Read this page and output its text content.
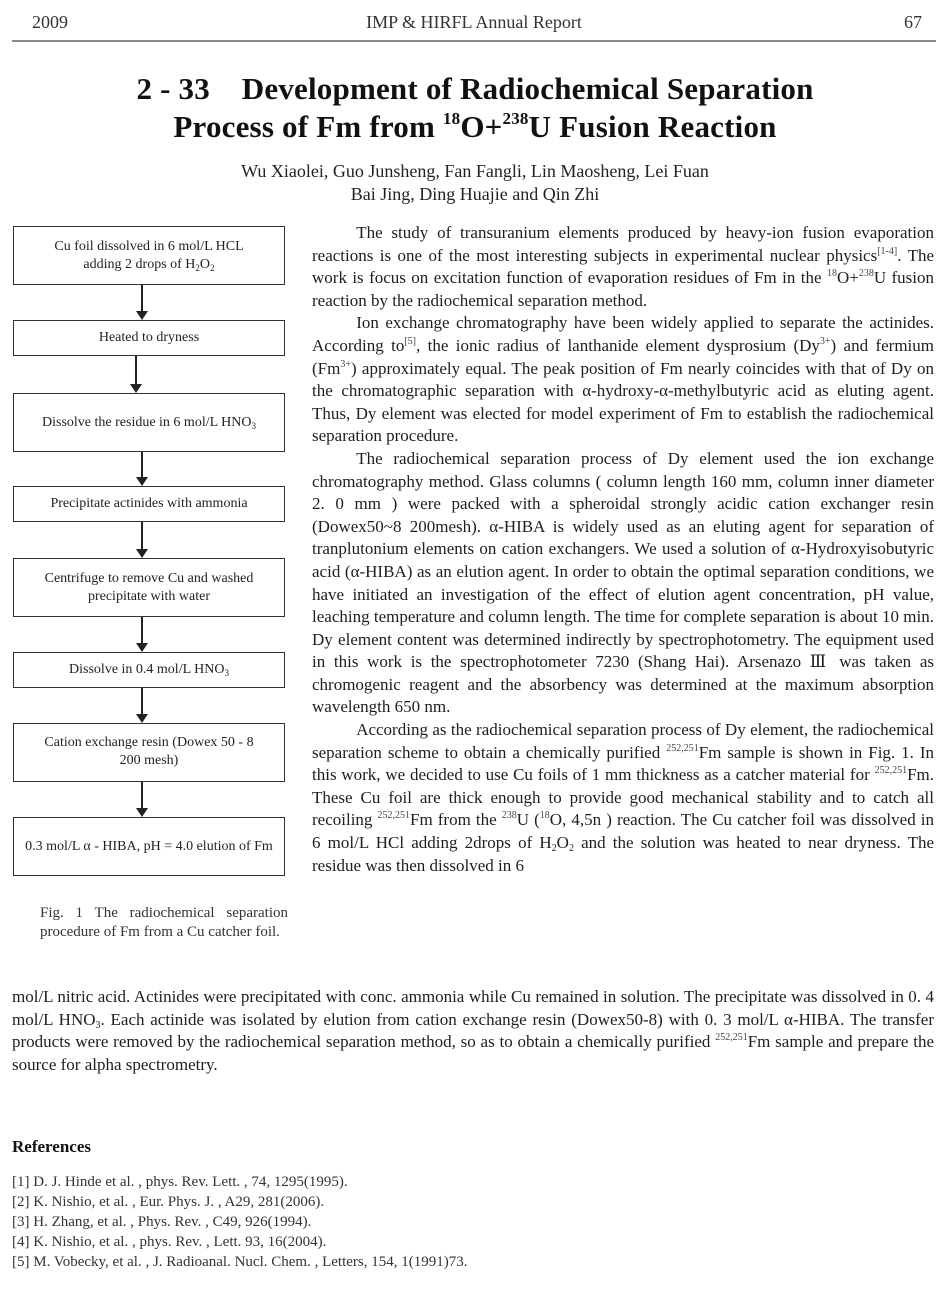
2009	IMP & HIRFL Annual Report	67
2 - 33 Development of Radiochemical Separation
Process of Fm from $^{18}$O+$^{238}$U Fusion Reaction
Wu Xiaolei, Guo Junsheng, Fan Fangli, Lin Maosheng, Lei Fuan
Bai Jing, Ding Huajie and Qin Zhi
Cu foil dissolved in 6 mol/L HCL
adding 2 drops of $H_2O_2$
Heated to dryness
Dissolve the residue in 6 mol/L $HNO_3$
Precipitate actinides with ammonia
Centrifuge to remove Cu and washed
precipitate with water
Dissolve in 0.4 mol/L $HNO_3$
Cation exchange resin (Dowex 50 - 8
200 mesh)
0.3 mol/L α - HIBA, pH = 4.0 elution of Fm
Fig. 1 The radiochemical separation procedure of Fm from a Cu catcher foil.

The study of transuranium elements produced by heavy-ion fusion evaporation reactions is one of the most interesting subjects in experimental nuclear physics[1-4]. The work is focus on excitation function of evaporation residues of Fm in the $^{18}$O+$^{238}$U fusion reaction by the radiochemical separation method.

Ion exchange chromatography have been widely applied to separate the actinides. According to[5], the ionic radius of lanthanide element dysprosium $(Dy^{3+})$ and fermium $(Fm^{3+})$ approximately equal. The peak position of Fm nearly coincides with that of Dy on the chromatographic separation with α-hydroxy-α-methylbutyric acid as eluting agent. Thus, Dy element was elected for model experiment of Fm to establish the radiochemical separation procedure.

The radiochemical separation process of Dy element used the ion exchange chromatography method. Glass columns ( column length 160 mm, column inner diameter 2. 0 mm ) were packed with a spheroidal strongly acidic cation exchanger resin (Dowex50~8 200mesh). α-HIBA is widely used as an eluting agent for separation of tranplutonium elements on cation exchangers. We used a solution of α-Hydroxyisobutyric acid (α-HIBA) as an elution agent. In order to obtain the optimal separation conditions, we have initiated an investigation of the effect of elution agent concentration, pH value, leaching temperature and column length. The time for complete separation is about 10 min. Dy element content was determined indirectly by spectrophotometry. The equipment used in this work is the spectrophotometer 7230 (Shang Hai). Arsenazo Ⅲ was taken as chromogenic reagent and the absorbency was determined at the maximum absorption wavelength 650 nm.

According as the radiochemical separation process of Dy element, the radiochemical separation scheme to obtain a chemically purified $^{252,251}$Fm sample is shown in Fig. 1. In this work, we decided to use Cu foils of 1 mm thickness as a catcher material for $^{252,251}$Fm. These Cu foil are thick enough to provide good mechanical stability and to catch all recoiling $^{252,251}$Fm from the $^{238}$U ($^{18}$O, 4,5n ) reaction. The Cu catcher foil was dissolved in 6 mol/L HCl adding 2drops of $H_2O_2$ and the solution was heated to near dryness. The residue was then dissolved in 6

mol/L nitric acid. Actinides were precipitated with conc. ammonia while Cu remained in solution. The precipitate was dissolved in 0. 4 mol/L $HNO_3$. Each actinide was isolated by elution from cation exchange resin (Dowex50-8) with 0. 3 mol/L α-HIBA. The transfer products were removed by the radiochemical separation method, so as to obtain a chemically purified $^{252,251}$Fm sample and prepare the source for alpha spectrometry.
References
[1] D. J. Hinde et al. , phys. Rev. Lett. , 74, 1295(1995).
[2] K. Nishio, et al. , Eur. Phys. J. , A29, 281(2006).
[3] H. Zhang, et al. , Phys. Rev. , C49, 926(1994).
[4] K. Nishio, et al. , phys. Rev. , Lett. 93, 16(2004).
[5] M. Vobecky, et al. , J. Radioanal. Nucl. Chem. , Letters, 154, 1(1991)73.
